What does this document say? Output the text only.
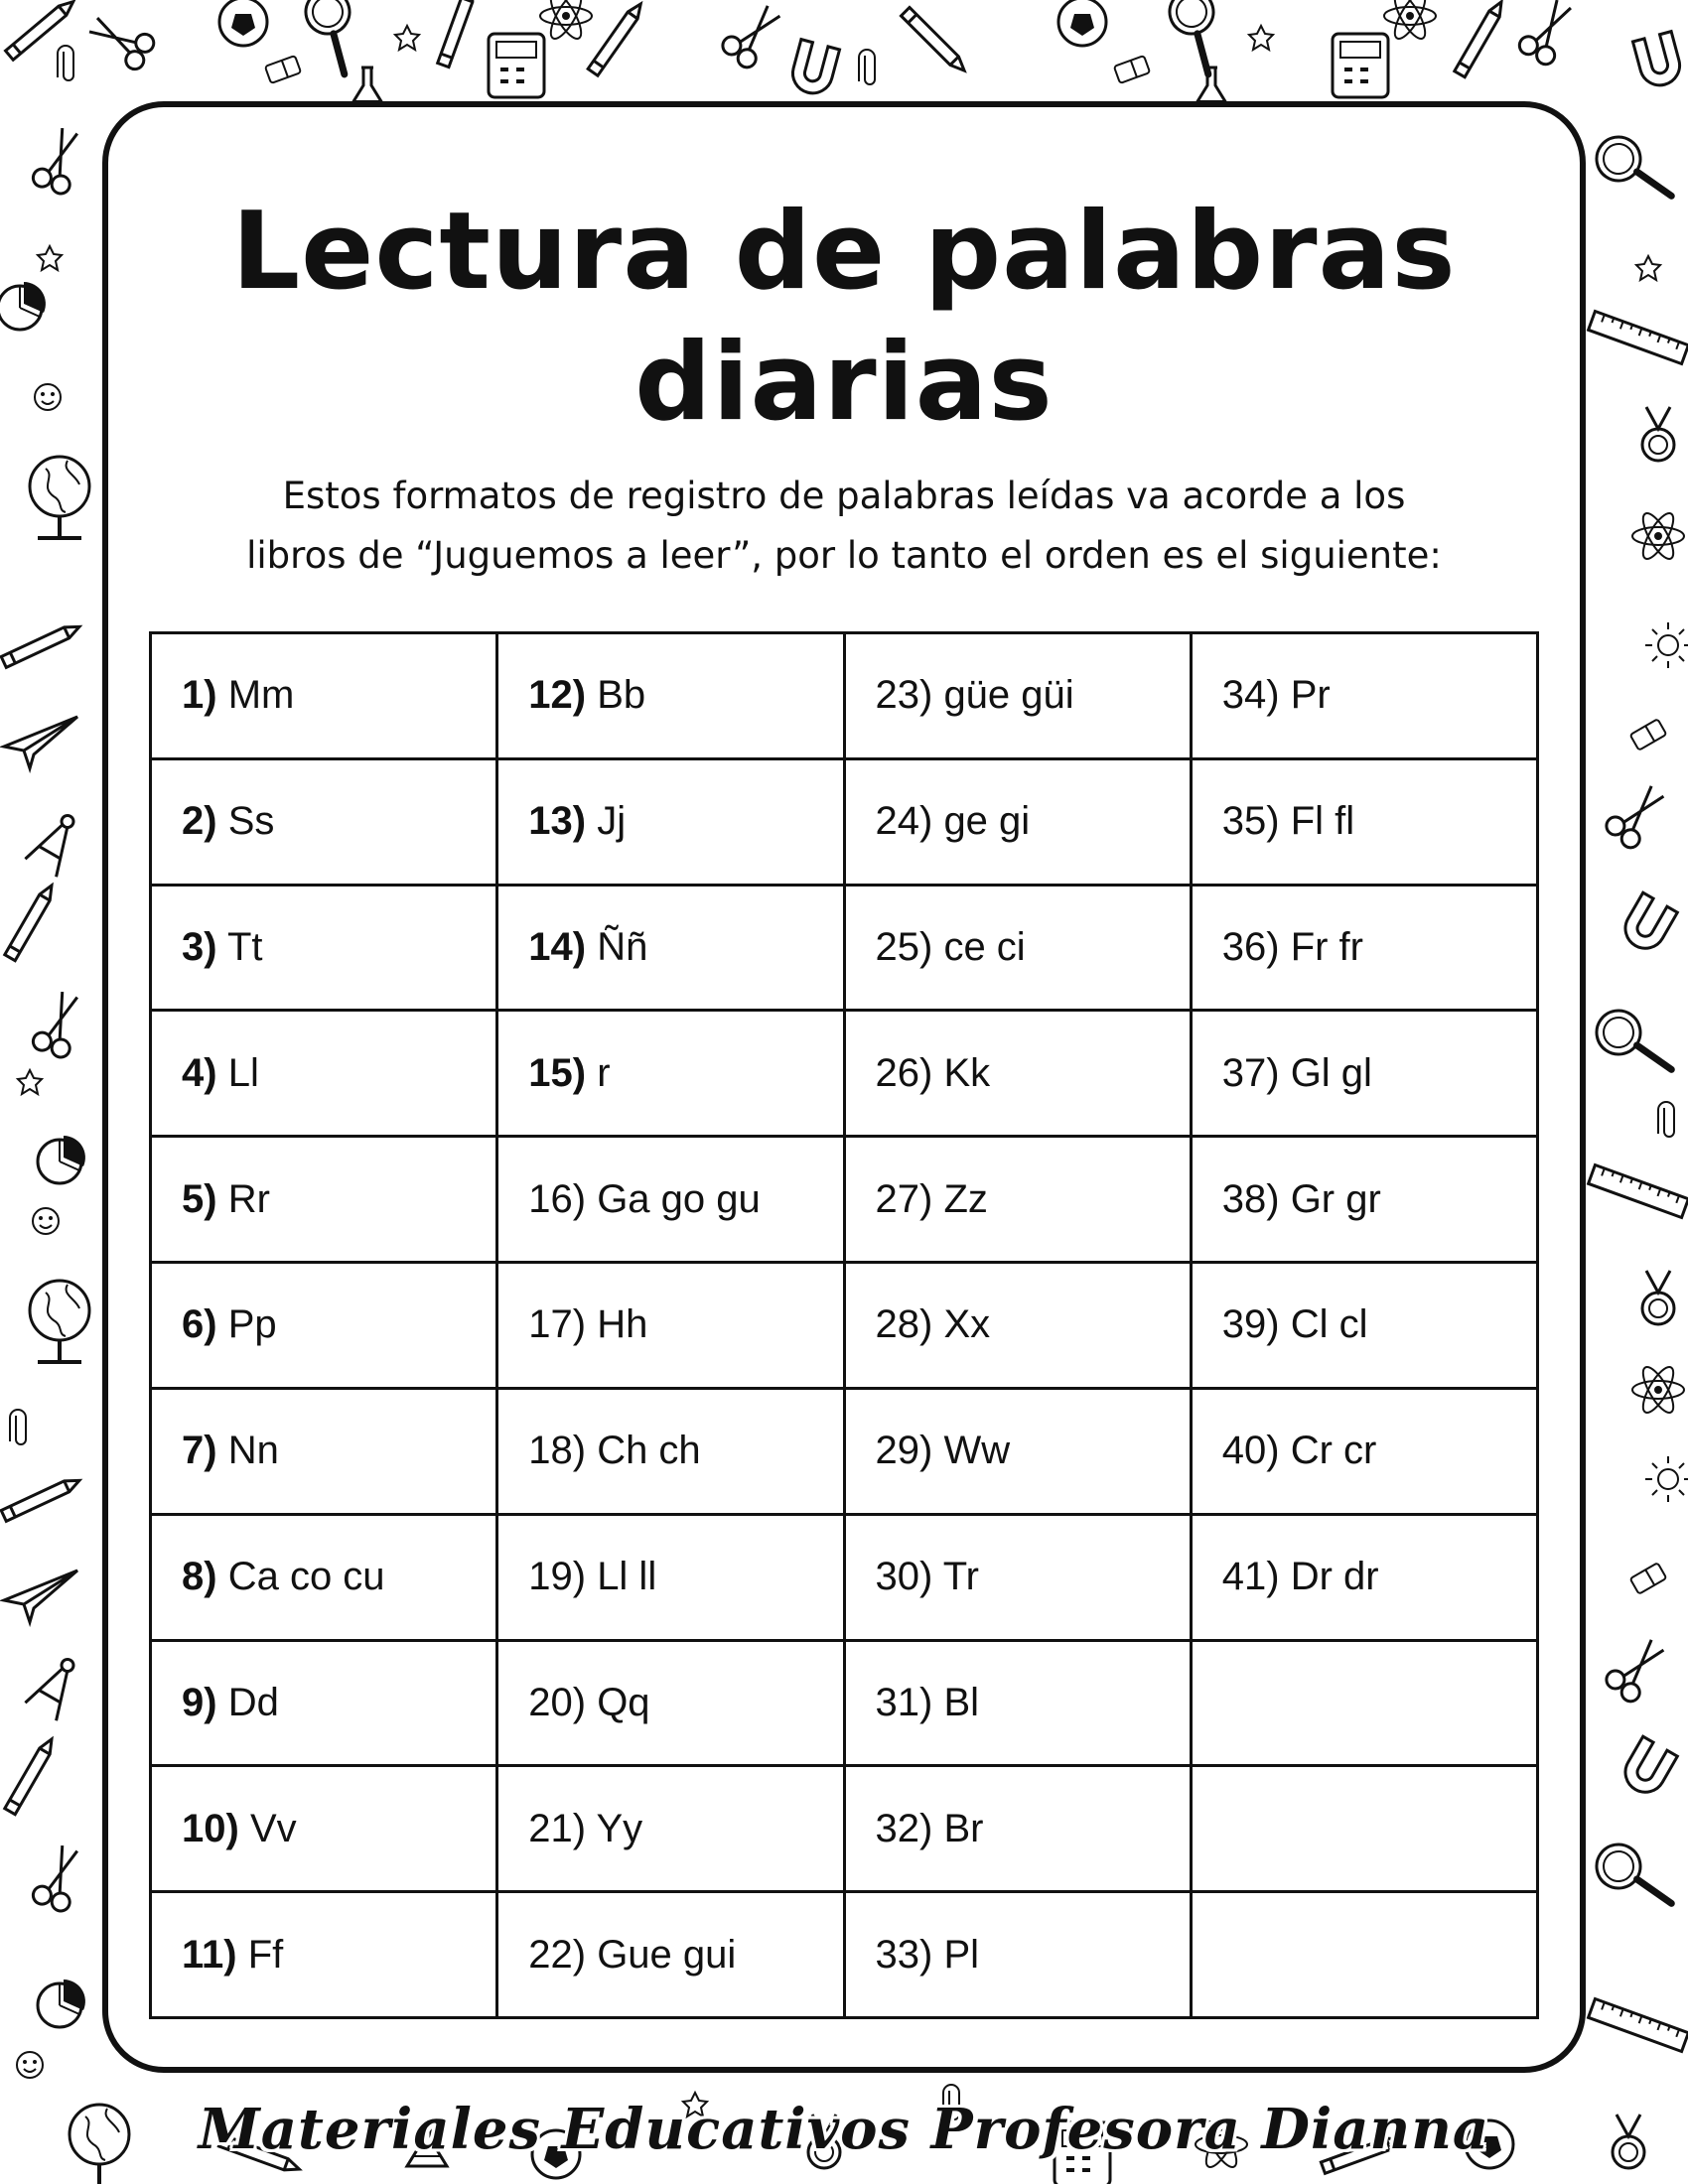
Lectura de palabras
diarias

Estos formatos de registro de palabras leídas va acorde a los
libros de “Juguemos a leer”, por lo tanto el orden es el siguiente:

1) Mm	12) Bb	23) güe güi	34) Pr
2) Ss	13) Jj	24) ge gi	35) Fl fl
3) Tt	14) Ññ	25) ce ci	36) Fr fr
4) Ll	15) r	26) Kk	37) Gl gl
5) Rr	16) Ga go gu	27) Zz	38) Gr gr
6) Pp	17) Hh	28) Xx	39) Cl cl
7) Nn	18) Ch ch	29) Ww	40) Cr cr
8) Ca co cu	19) Ll ll	30) Tr	41) Dr dr
9) Dd	20) Qq	31) Bl	
10) Vv	21) Yy	32) Br	
11) Ff	22) Gue gui	33) Pl	
Materiales Educativos Profesora Dianna
